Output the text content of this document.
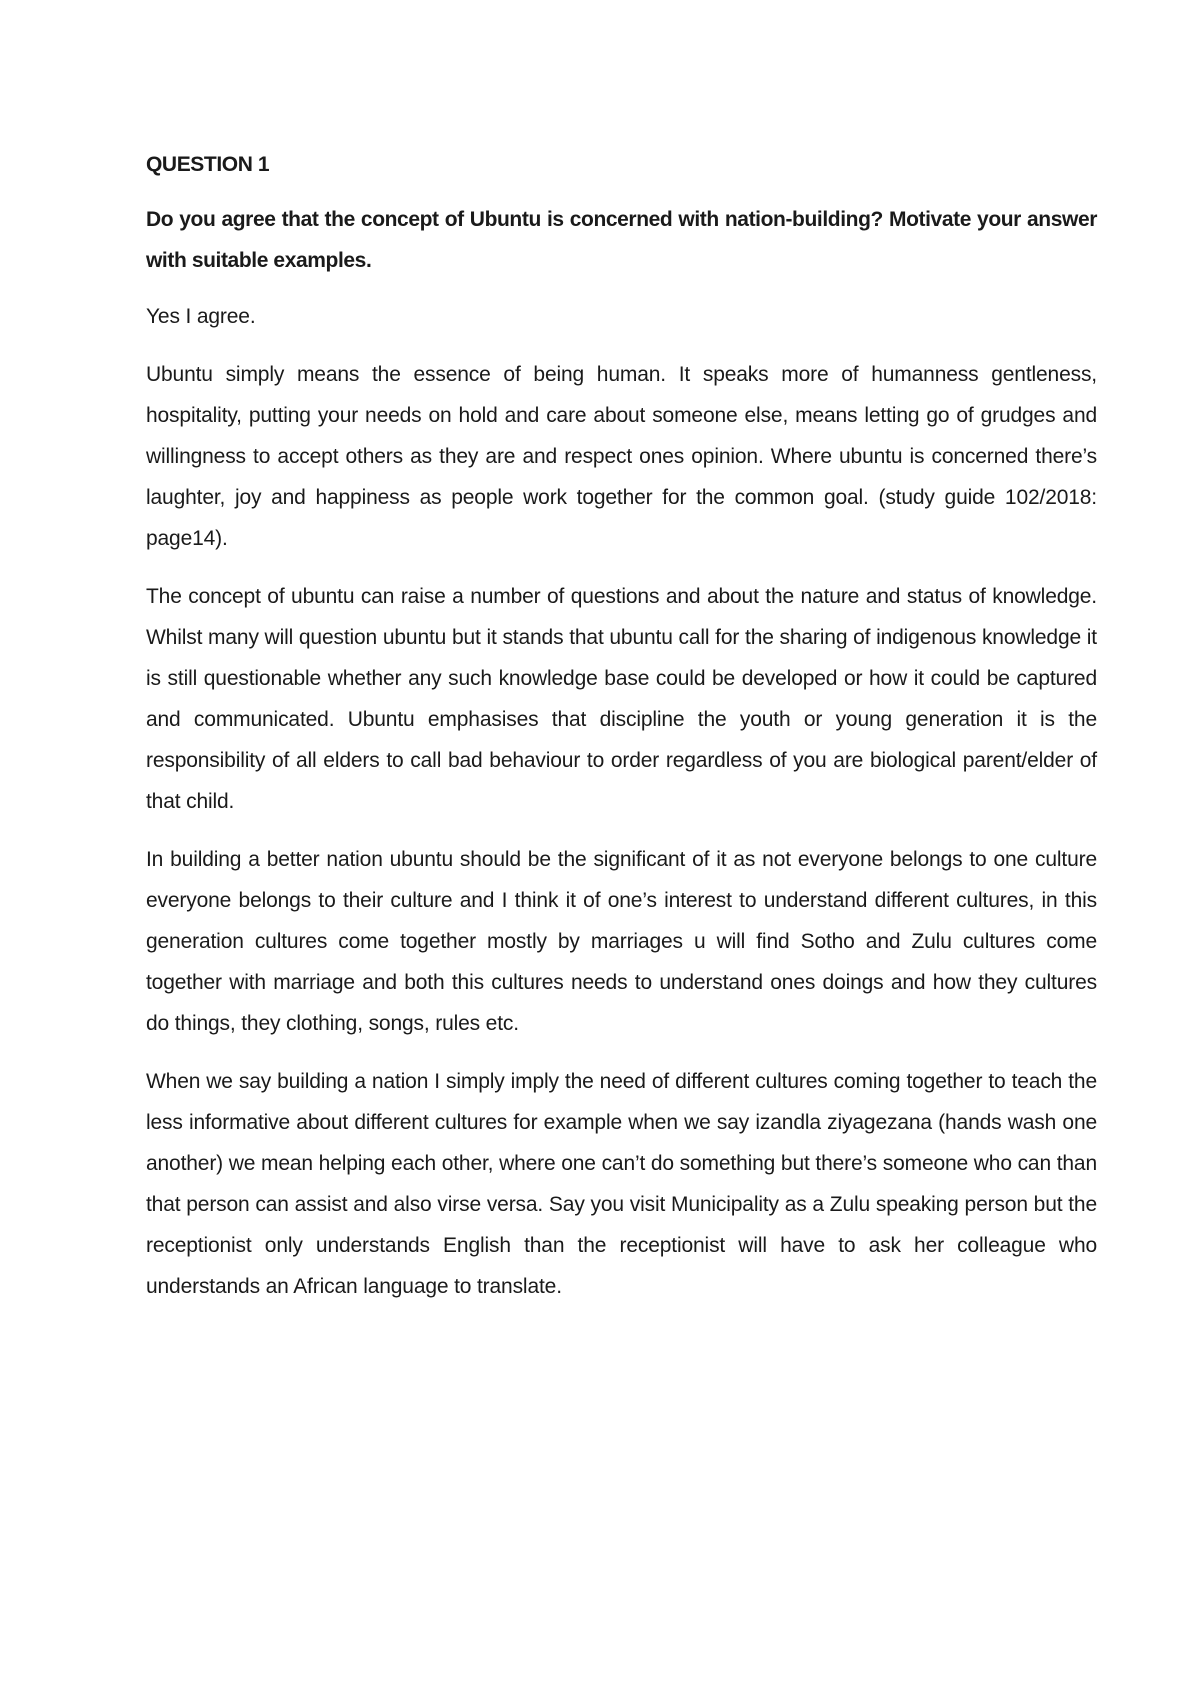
QUESTION 1
Do you agree that the concept of Ubuntu is concerned with nation-building? Motivate your answer with suitable examples.

Yes I agree.

Ubuntu simply means the essence of being human. It speaks more of humanness gentleness, hospitality, putting your needs on hold and care about someone else, means letting go of grudges and willingness to accept others as they are and respect ones opinion. Where ubuntu is concerned there’s laughter, joy and happiness as people work together for the common goal. (study guide 102/2018: page14).

The concept of ubuntu can raise a number of questions and about the nature and status of knowledge. Whilst many will question ubuntu but it stands that ubuntu call for the sharing of indigenous knowledge it is still questionable whether any such knowledge base could be developed or how it could be captured and communicated. Ubuntu emphasises that discipline the youth or young generation it is the responsibility of all elders to call bad behaviour to order regardless of you are biological parent/elder of that child.

In building a better nation ubuntu should be the significant of it as not everyone belongs to one culture everyone belongs to their culture and I think it of one’s interest to understand different cultures, in this generation cultures come together mostly by marriages u will find Sotho and Zulu cultures come together with marriage and both this cultures needs to understand ones doings and how they cultures do things, they clothing, songs, rules etc.

When we say building a nation I simply imply the need of different cultures coming together to teach the less informative about different cultures for example when we say izandla ziyagezana (hands wash one another) we mean helping each other, where one can’t do something but there’s someone who can than that person can assist and also virse versa. Say you visit Municipality as a Zulu speaking person but the receptionist only understands English than the receptionist will have to ask her colleague who understands an African language to translate.
